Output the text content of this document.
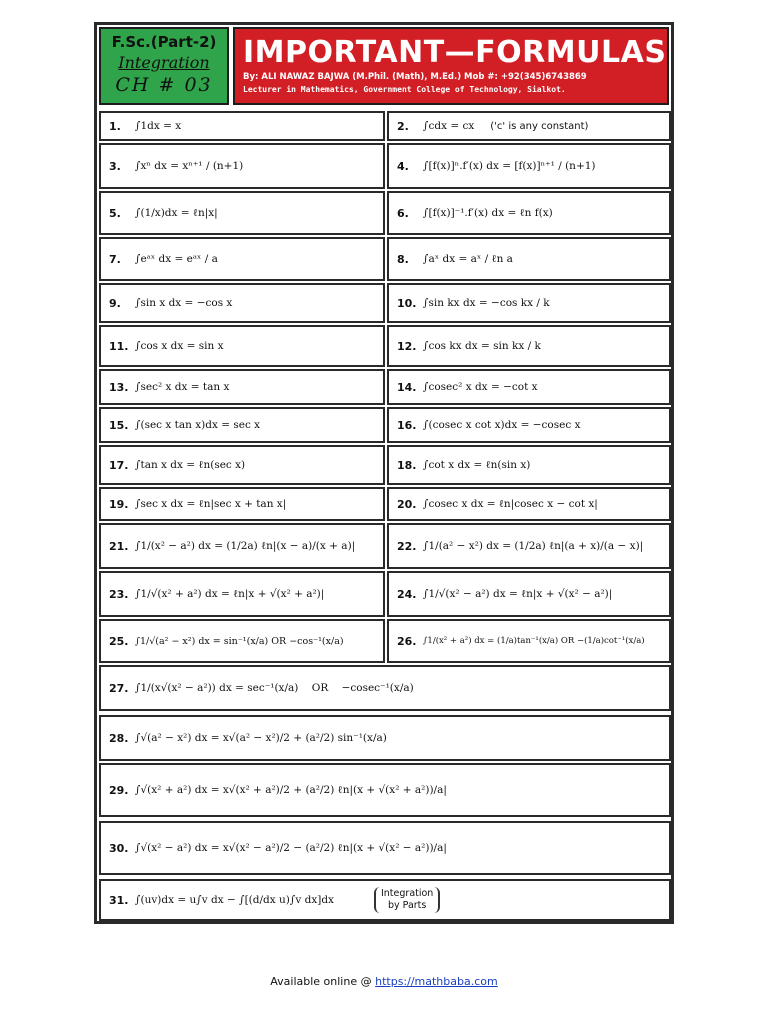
F.Sc.(Part-2)
Integration
CH # 03
IMPORTANT—FORMULAS
By: ALI NAWAZ BAJWA (M.Phil. (Math), M.Ed.) Mob #: +92(345)6743869
Lecturer in Mathematics, Government College of Technology, Sialkot.
1.	∫1dx = x	2.	∫cdx = cx ('c' is any constant)
3.	∫xⁿ dx = xⁿ⁺¹ / (n+1)	4.	∫[f(x)]ⁿ.f′(x) dx = [f(x)]ⁿ⁺¹ / (n+1)
5.	∫(1/x)dx = ℓn|x|	6.	∫[f(x)]⁻¹.f′(x) dx = ℓn f(x)
7.	∫eᵃˣ dx = eᵃˣ / a	8.	∫aˣ dx = aˣ / ℓn a
9.	∫sin x dx = −cos x	10. ∫sin kx dx = −cos kx / k
11. ∫cos x dx = sin x	12. ∫cos kx dx = sin kx / k
13. ∫sec² x dx = tan x	14. ∫cosec² x dx = −cot x
15. ∫(sec x tan x)dx = sec x	16. ∫(cosec x cot x)dx = −cosec x
17. ∫tan x dx = ℓn(sec x)	18. ∫cot x dx = ℓn(sin x)
19. ∫sec x dx = ℓn|sec x + tan x|	20. ∫cosec x dx = ℓn|cosec x − cot x|
21. ∫1/(x² − a²) dx = (1/2a) ℓn|(x − a)/(x + a)|	22. ∫1/(a² − x²) dx = (1/2a) ℓn|(a + x)/(a − x)|
23. ∫1/√(x² + a²) dx = ℓn|x + √(x² + a²)|	24. ∫1/√(x² − a²) dx = ℓn|x + √(x² − a²)|
25. ∫1/√(a² − x²) dx = sin⁻¹(x/a) OR −cos⁻¹(x/a)	26. ∫1/(x² + a²) dx = (1/a)tan⁻¹(x/a) OR −(1/a)cot⁻¹(x/a)
27. ∫1/(x√(x² − a²)) dx = sec⁻¹(x/a)    OR    −cosec⁻¹(x/a)
28. ∫√(a² − x²) dx = x√(a² − x²)/2 + (a²/2) sin⁻¹(x/a)
29. ∫√(x² + a²) dx = x√(x² + a²)/2 + (a²/2) ℓn|(x + √(x² + a²))/a|
30. ∫√(x² − a²) dx = x√(x² − a²)/2 − (a²/2) ℓn|(x + √(x² − a²))/a|
31. ∫(uv)dx = u∫v dx − ∫[(d/dx u)∫v dx]dx
Integration
by Parts
Available online @ https://mathbaba.com
